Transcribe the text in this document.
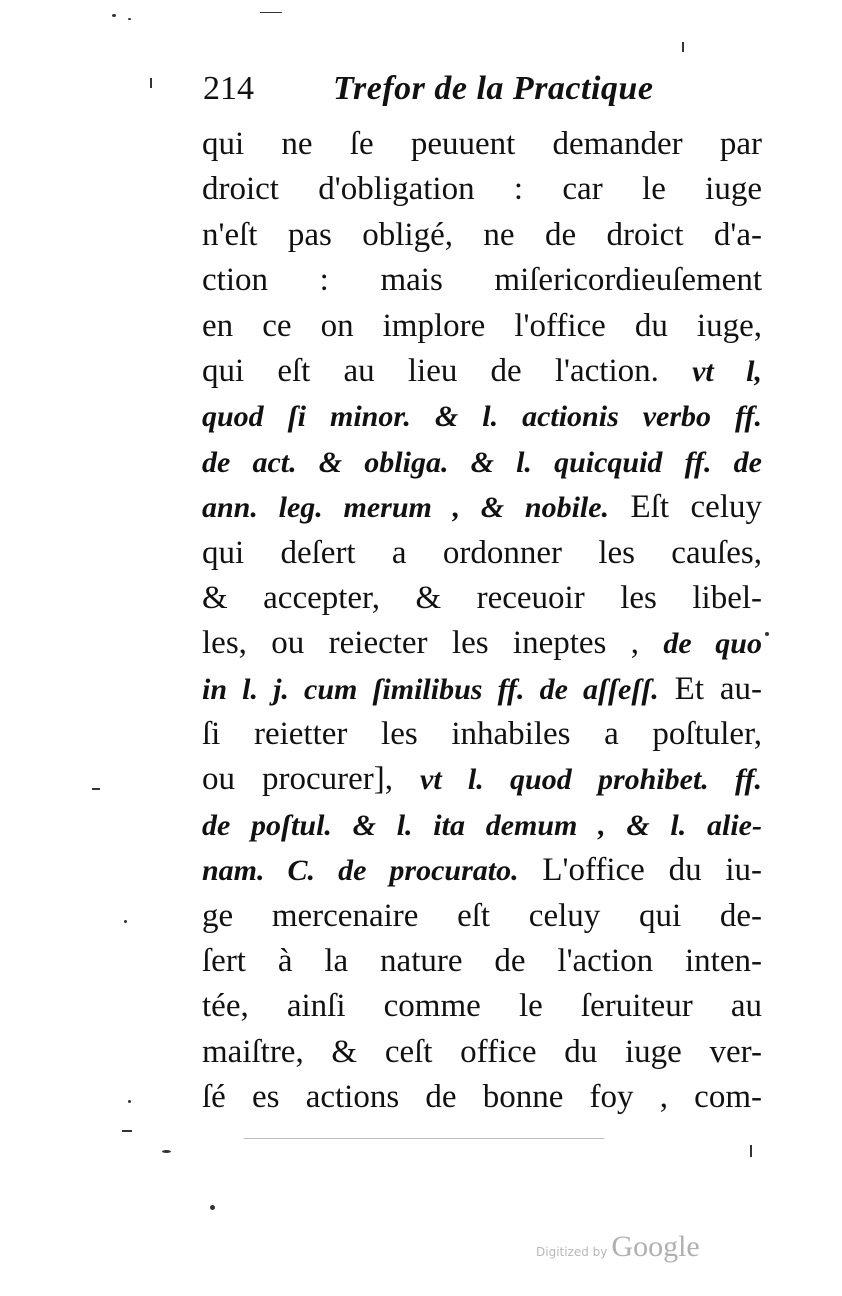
214	Trefor de la Practique
qui ne ſe peuuent demander par
droict d'obligation : car le iuge
n'eſt pas obligé, ne de droict d'a-
ction : mais miſericordieuſement
en ce on implore l'office du iuge,
qui eſt au lieu de l'action. vt l,
quod ſi minor. & l. actionis verbo ff.
de act. & obliga. & l. quicquid ff. de
ann. leg. merum , & nobile. Eſt celuy
qui deſert a ordonner les cauſes,
& accepter, & receuoir les libel-
les, ou reiecter les ineptes , de quo
in l. j. cum ſimilibus ff. de aſſeſſ. Et au-
ſi reietter les inhabiles a poſtuler,
ou procurer], vt l. quod prohibet. ff.
de poſtul. & l. ita demum , & l. alie-
nam. C. de procurato. L'office du iu-
ge mercenaire eſt celuy qui de-
ſert à la nature de l'action inten-
tée, ainſi comme le ſeruiteur au
maiſtre, & ceſt office du iuge ver-
ſé es actions de bonne foy , com-
Digitized by Google
